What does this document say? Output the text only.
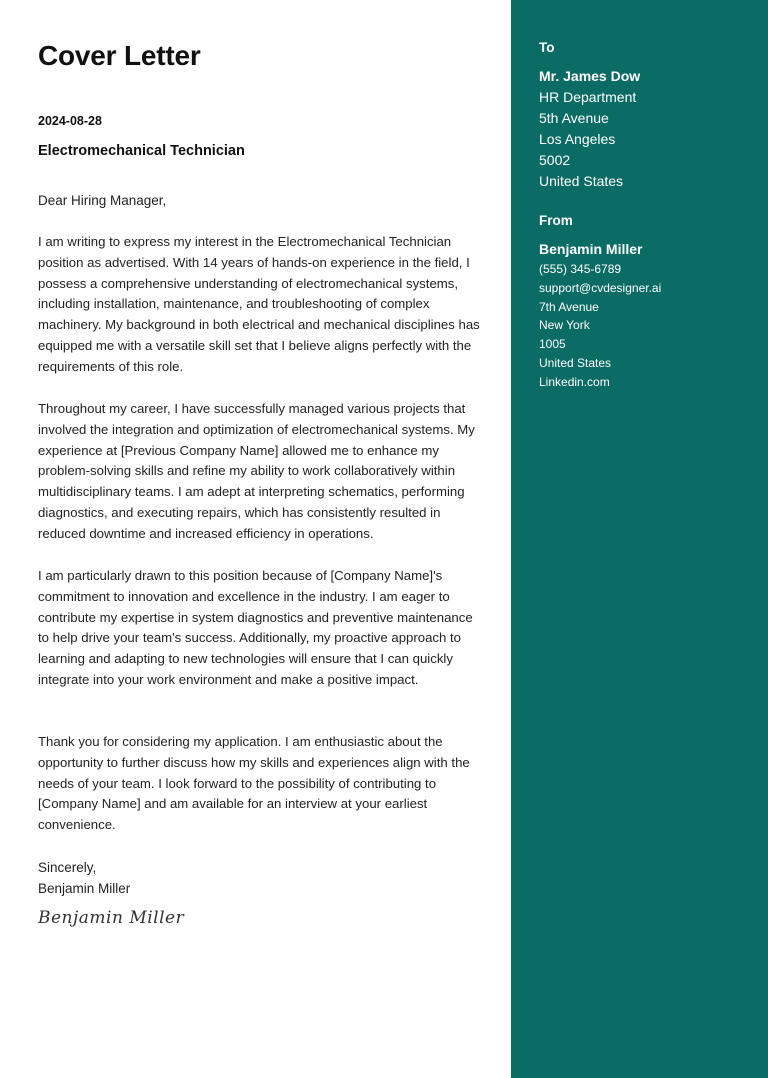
Cover Letter
2024-08-28
Electromechanical Technician
Dear Hiring Manager,
I am writing to express my interest in the Electromechanical Technician position as advertised. With 14 years of hands-on experience in the field, I possess a comprehensive understanding of electromechanical systems, including installation, maintenance, and troubleshooting of complex machinery. My background in both electrical and mechanical disciplines has equipped me with a versatile skill set that I believe aligns perfectly with the requirements of this role.
Throughout my career, I have successfully managed various projects that involved the integration and optimization of electromechanical systems. My experience at [Previous Company Name] allowed me to enhance my problem-solving skills and refine my ability to work collaboratively within multidisciplinary teams. I am adept at interpreting schematics, performing diagnostics, and executing repairs, which has consistently resulted in reduced downtime and increased efficiency in operations.
I am particularly drawn to this position because of [Company Name]'s commitment to innovation and excellence in the industry. I am eager to contribute my expertise in system diagnostics and preventive maintenance to help drive your team's success. Additionally, my proactive approach to learning and adapting to new technologies will ensure that I can quickly integrate into your work environment and make a positive impact.
Thank you for considering my application. I am enthusiastic about the opportunity to further discuss how my skills and experiences align with the needs of your team. I look forward to the possibility of contributing to [Company Name] and am available for an interview at your earliest convenience.
Sincerely,
Benjamin Miller
Benjamin Miller
To
Mr. James Dow
HR Department
5th Avenue
Los Angeles
5002
United States
From
Benjamin Miller
(555) 345-6789
support@cvdesigner.ai
7th Avenue
New York
1005
United States
Linkedin.com
